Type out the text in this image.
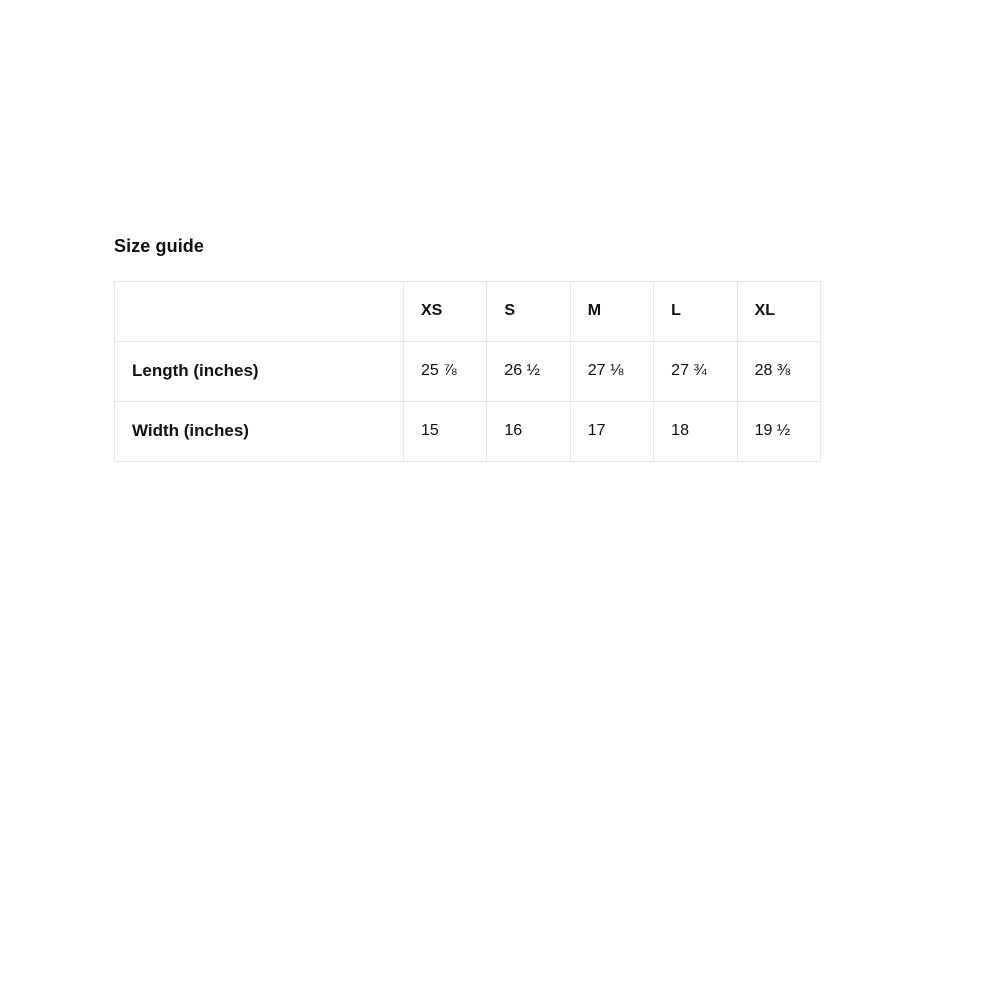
Size guide
	XS	S	M	L	XL
Length (inches)	25 ⅞	26 ½	27 ⅛	27 ¾	28 ⅜
Width (inches)	15	16	17	18	19 ½
